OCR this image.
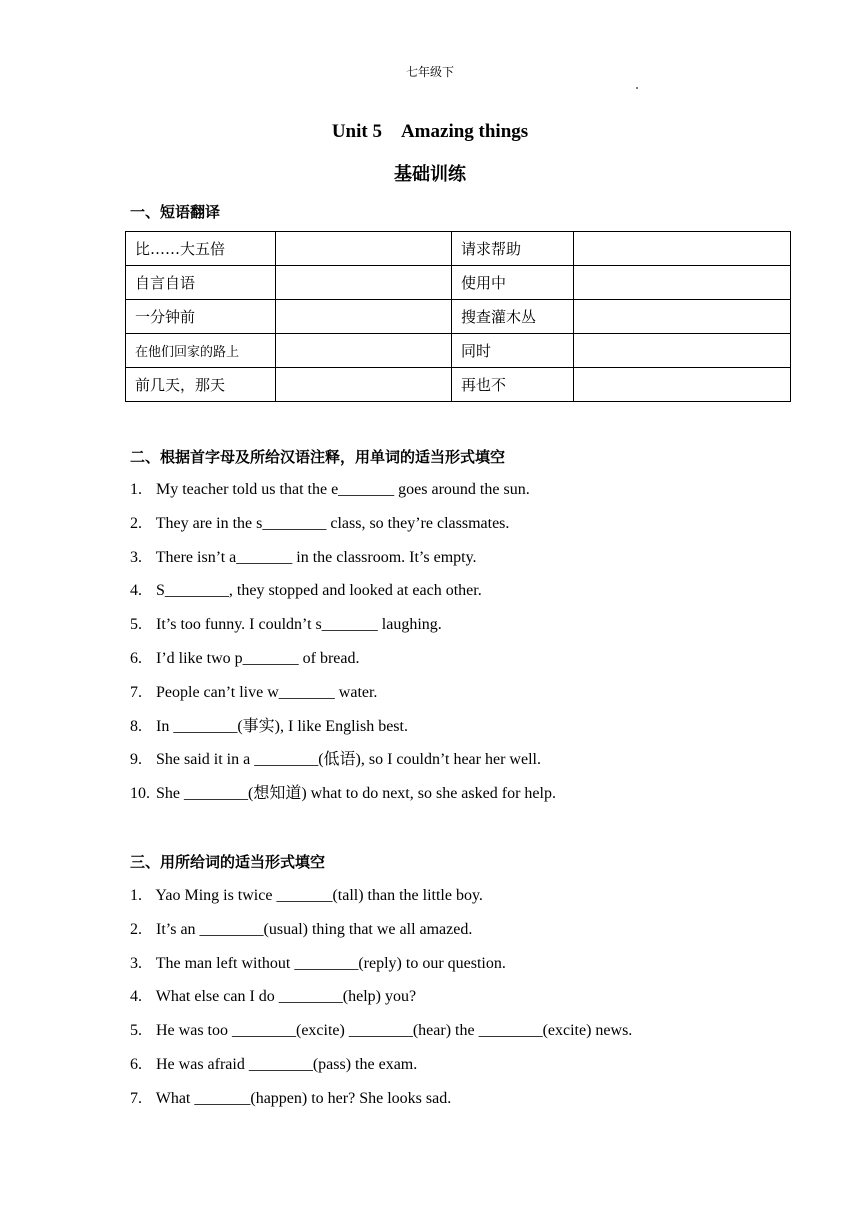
七年级下
Unit 5　Amazing things
基础训练
一、短语翻译
比……大五倍		请求帮助	
自言自语		使用中	
一分钟前		搜查灌木丛	
在他们回家的路上		同时	
前几天，那天		再也不	
二、根据首字母及所给汉语注释，用单词的适当形式填空
1. My teacher told us that the e_______ goes around the sun.
2. They are in the s________ class, so they’re classmates.
3. There isn’t a_______ in the classroom. It’s empty.
4. S________, they stopped and looked at each other.
5. It’s too funny. I couldn’t s_______ laughing.
6. I’d like two p_______ of bread.
7. People can’t live w_______ water.
8. In ________(事实), I like English best.
9. She said it in a ________(低语), so I couldn’t hear her well.
10. She ________(想知道) what to do next, so she asked for help.
三、用所给词的适当形式填空
1. Yao Ming is twice _______(tall) than the little boy.
2. It’s an ________(usual) thing that we all amazed.
3. The man left without ________(reply) to our question.
4. What else can I do ________(help) you?
5. He was too ________(excite) ________(hear) the ________(excite) news.
6. He was afraid ________(pass) the exam.
7. What _______(happen) to her? She looks sad.
